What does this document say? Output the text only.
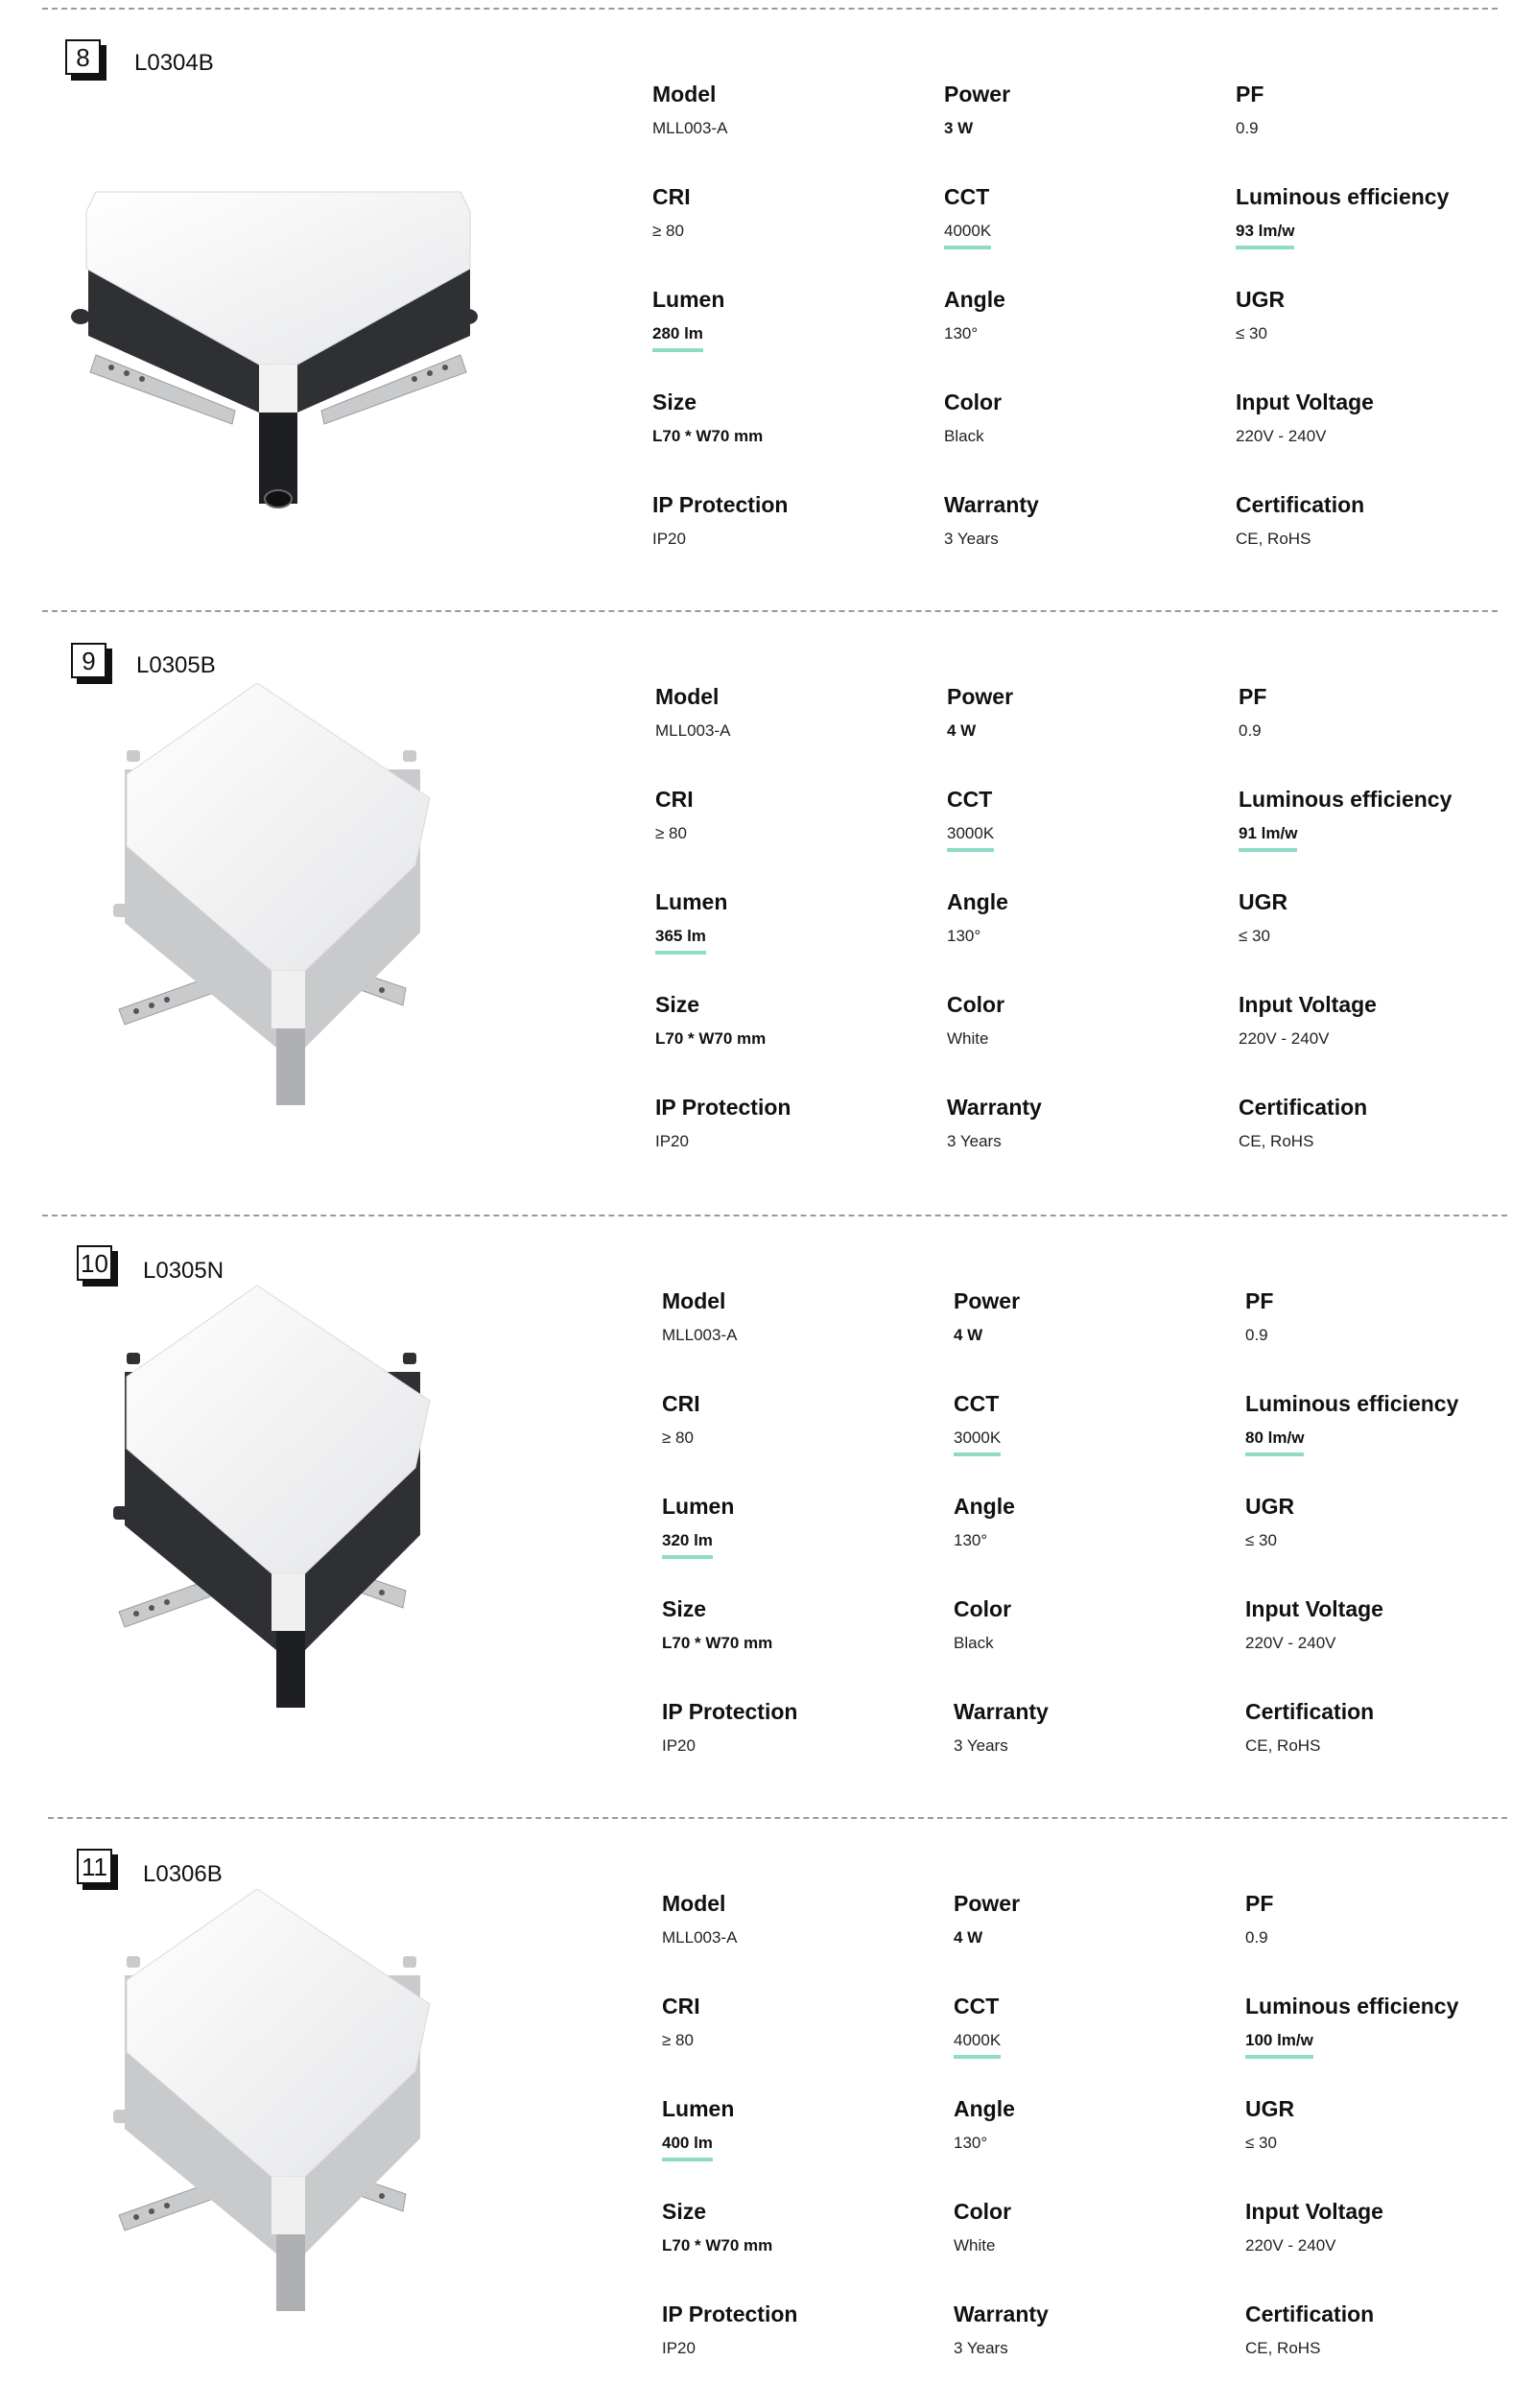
8	L0304B
Model
MLL003-A
Power
3 W
PF
0.9
CRI
≥ 80
CCT
4000K
Luminous efficiency
93 lm/w
Lumen
280 lm
Angle
130°
UGR
≤ 30
Size
L70 * W70 mm
Color
Black
Input Voltage
220V - 240V
IP Protection
IP20
Warranty
3 Years
Certification
CE, RoHS
9	L0305B
Model
MLL003-A
Power
4 W
PF
0.9
CRI
≥ 80
CCT
3000K
Luminous efficiency
91 lm/w
Lumen
365 lm
Angle
130°
UGR
≤ 30
Size
L70 * W70 mm
Color
White
Input Voltage
220V - 240V
IP Protection
IP20
Warranty
3 Years
Certification
CE, RoHS
10 L0305N
Model
MLL003-A
Power
4 W
PF
0.9
CRI
≥ 80
CCT
3000K
Luminous efficiency
80 lm/w
Lumen
320 lm
Angle
130°
UGR
≤ 30
Size
L70 * W70 mm
Color
Black
Input Voltage
220V - 240V
IP Protection
IP20
Warranty
3 Years
Certification
CE, RoHS
11 L0306B
Model
MLL003-A
Power
4 W
PF
0.9
CRI
≥ 80
CCT
4000K
Luminous efficiency
100 lm/w
Lumen
400 lm
Angle
130°
UGR
≤ 30
Size
L70 * W70 mm
Color
White
Input Voltage
220V - 240V
IP Protection
IP20
Warranty
3 Years
Certification
CE, RoHS
